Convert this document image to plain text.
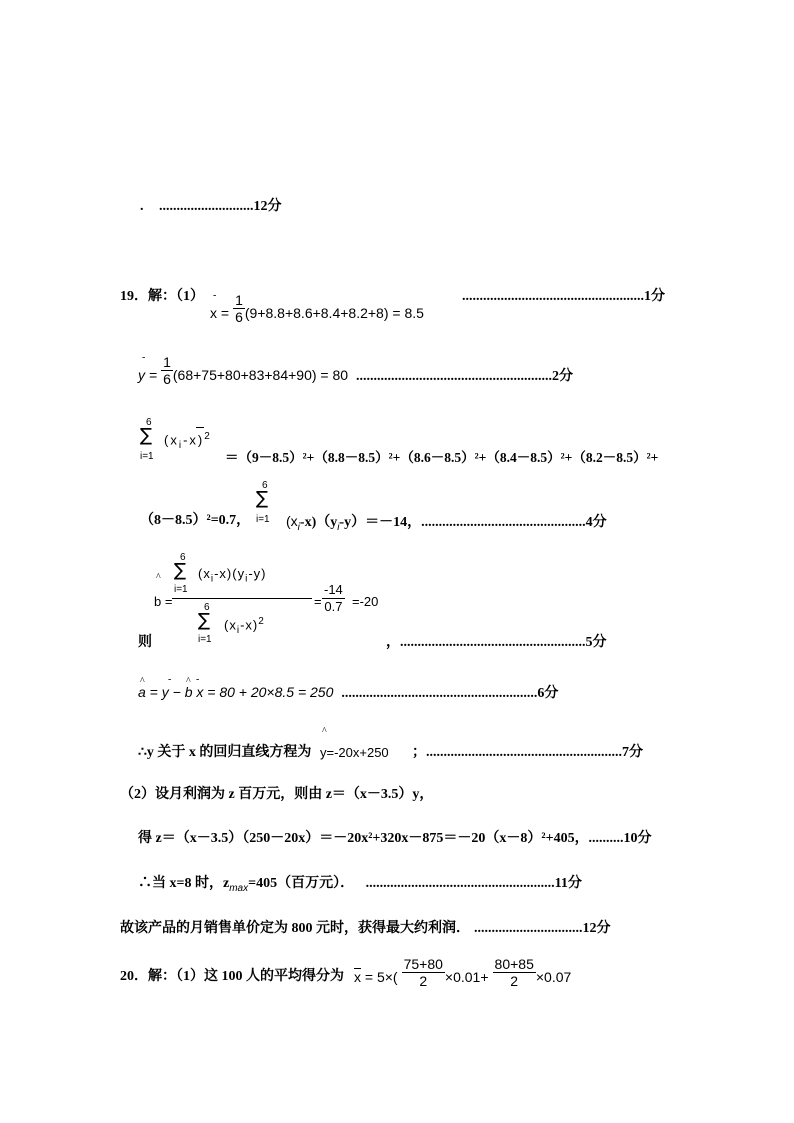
. ...........................12分
19．解：（1）
x =
- $\frac{1}{6} (9+8.8+8.6+8.4+8.2+8) = 8.5$
....................................................1分
y =
- $\frac{1}{6} (68+75+80+83+84+90) = 80$ ........................................................2分
6
∑
i=1
$(x_i-x)^2$
＝（9－8.5）²+（8.8－8.5）²+（8.6－8.5）²+（8.4－8.5）²+（8.2－8.5）²+
（8－8.5）²=0.7，
6
∑
i=1 $(x_i-x)(y_i-y)=-14$，...............................................4分
^
b =
6
∑
i=1
$(x_i-x)(y_i-y)$
6
∑
i=1
$(x_i-x)^2$
= $\frac{-14}{0.7} =-20$
则	，.....................................................5分
^ - ^ -
a = y − b x = 80 + 20×8.5 = 250 ........................................................6分
∴y 关于 x 的回归直线方程为
^
y=-20x+250 ；........................................................7分
（2）设月利润为 z 百万元，则由 z＝（x－3.5）y，
得 z＝（x－3.5）（250－20x）＝－20x²+320x－875＝－20（x－8）²+405，..........10分
∴当 x=8 时，$z_{max}=405$（百万元）． ......................................................11分
故该产品的月销售单价定为 800 元时，获得最大约利润． ...............................12分
20．解：（1）这 100 人的平均得分为 $\overline{x} = 5\times( \frac{75+80}{2} \times 0.01+ \frac{80+85}{2} \times 0.07$
